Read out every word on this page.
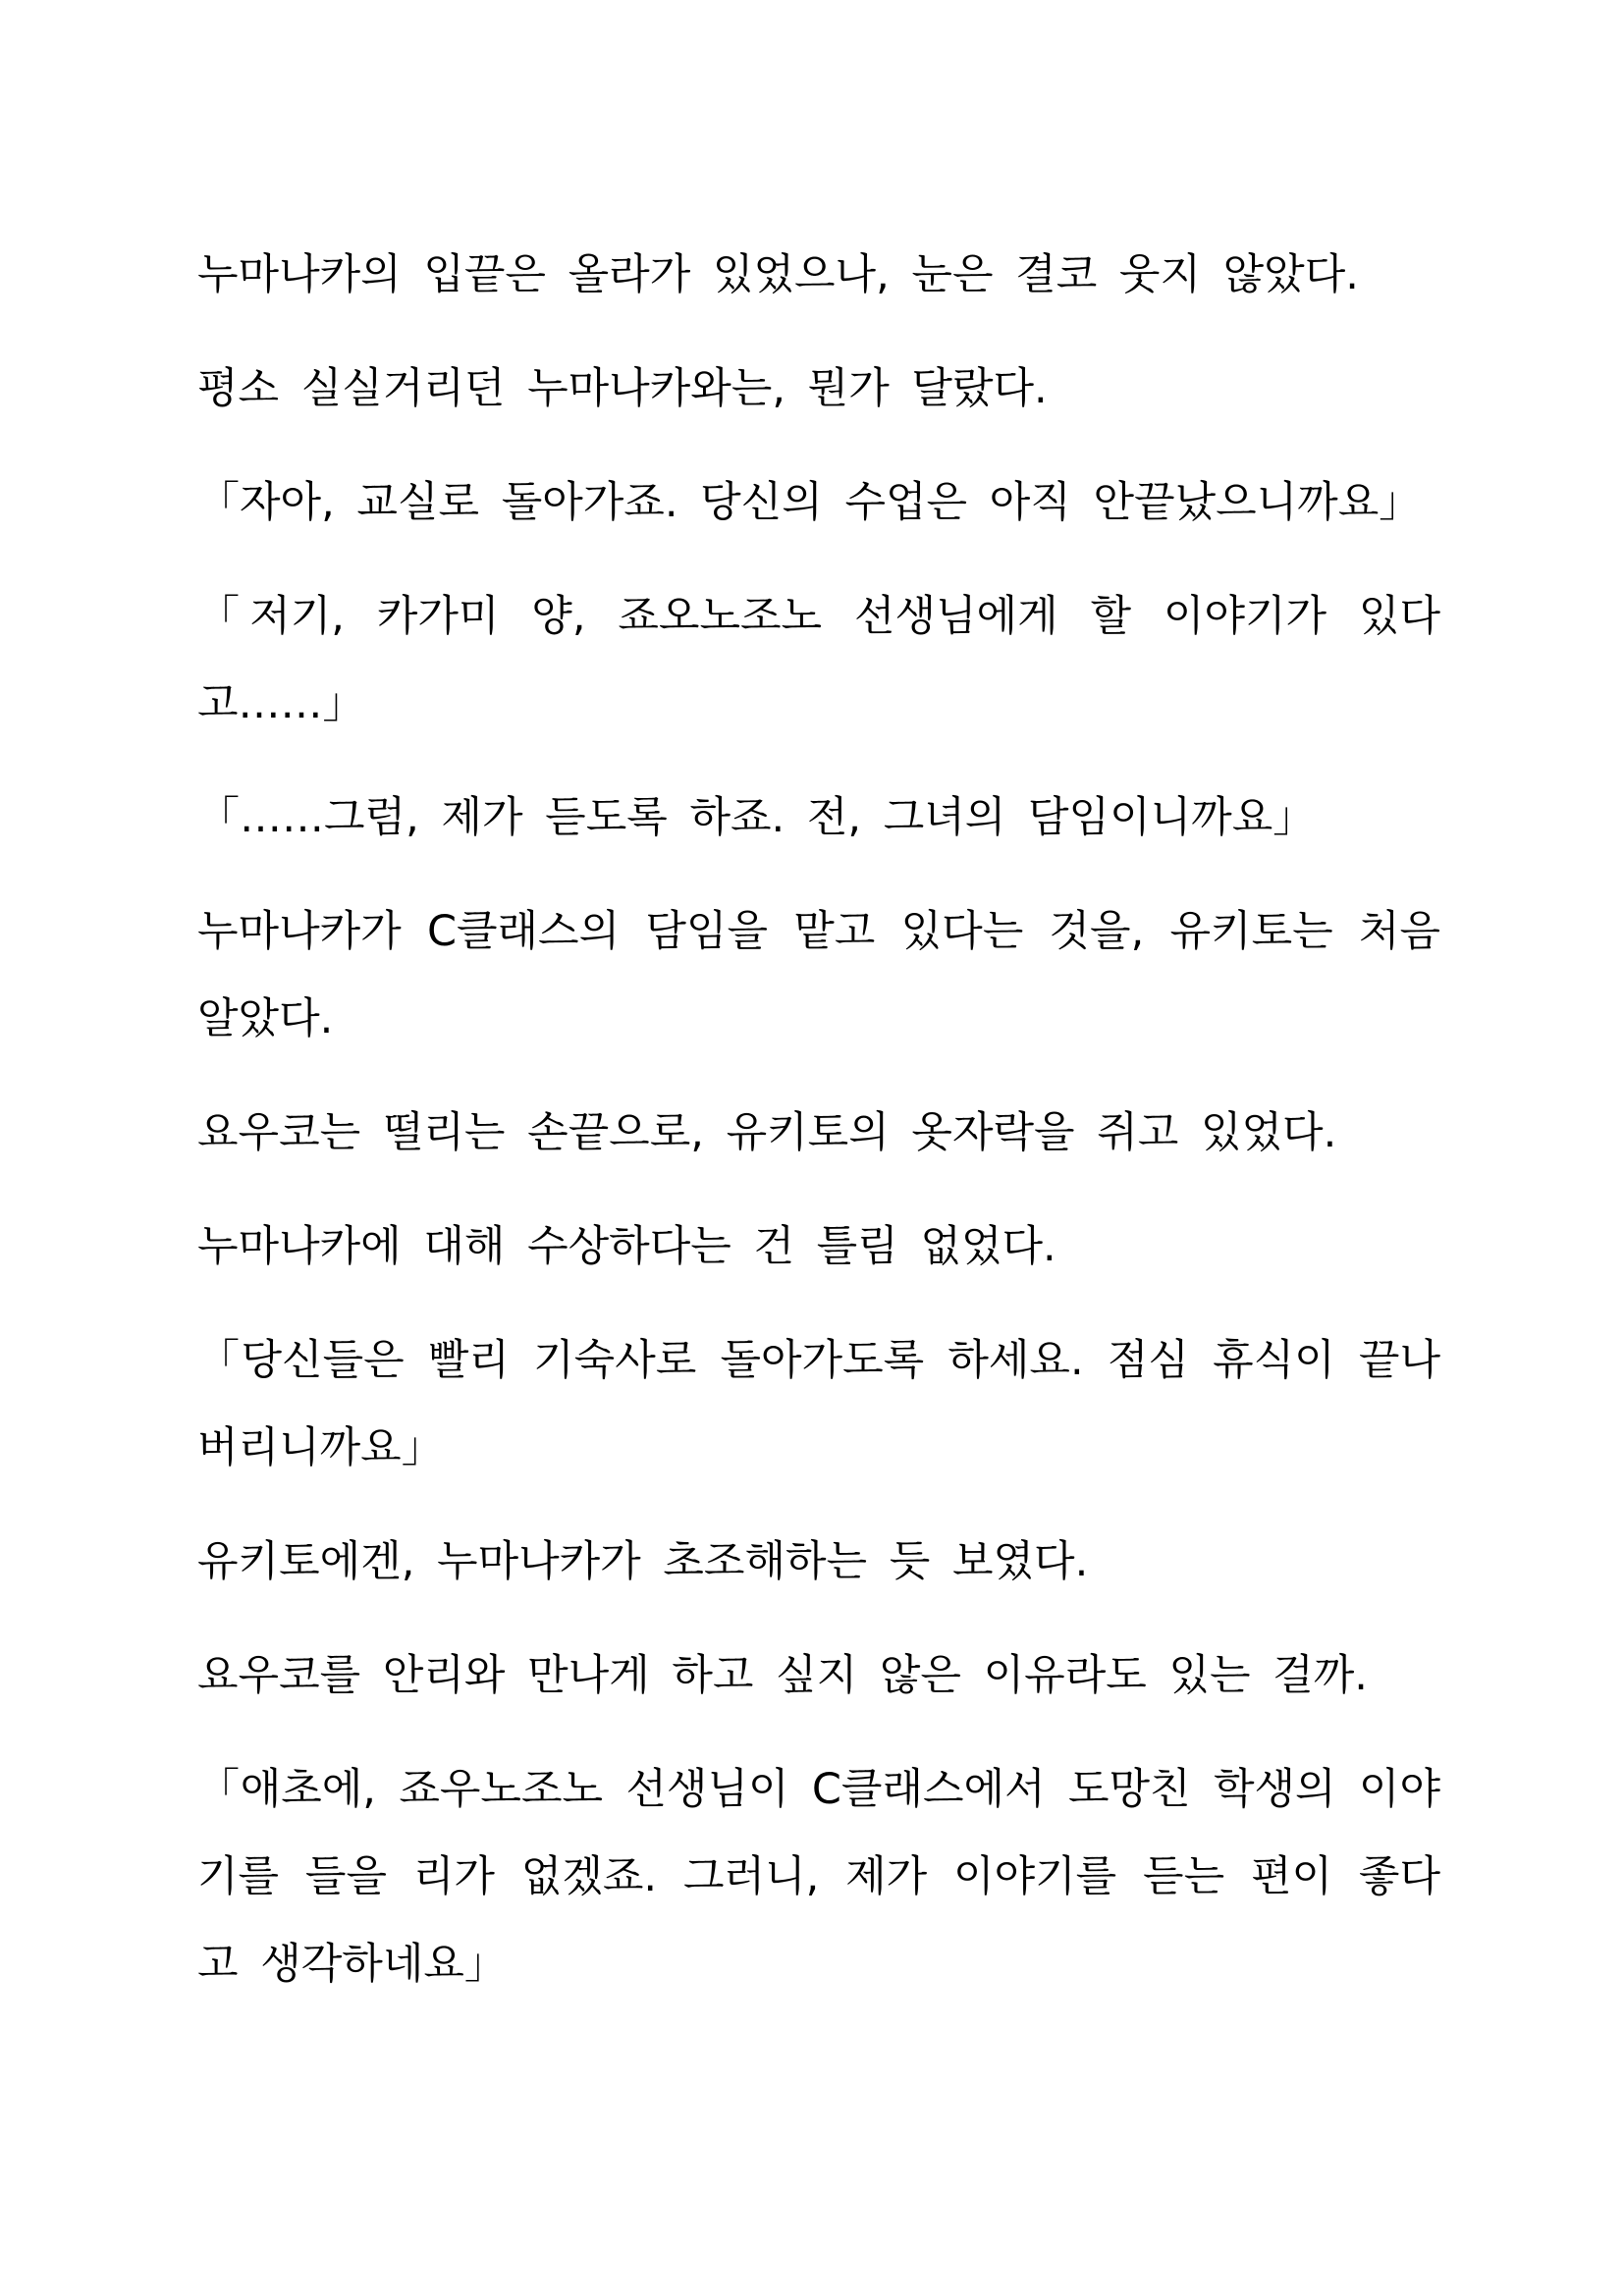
누마나카의 입끝은 올라가 있었으나, 눈은 결코 웃지 않았다.

평소 실실거리던 누마나카와는, 뭔가 달랐다.

「자아, 교실로 돌아가죠. 당신의 수업은 아직 안끝났으니까요」

「저기, 카가미 양, 죠오노조노 선생님에게 할 이야기가 있다고……」

「……그럼, 제가 듣도록 하죠. 전, 그녀의 담임이니까요」

누마나카가 C클래스의 담임을 맡고 있다는 것을, 유키토는 처음 알았다.

요우코는 떨리는 손끝으로, 유키토의 옷자락을 쥐고 있었다.

누마나카에 대해 수상하다는 건 틀림 없었다.

「당신들은 빨리 기숙사로 돌아가도록 하세요. 점심 휴식이 끝나버리니까요」

유키토에겐, 누마나카가 초조해하는 듯 보였다.

요우코를 안리와 만나게 하고 싶지 않은 이유라도 있는 걸까.

「애초에, 죠우노조노 선생님이 C클래스에서 도망친 학생의 이야기를 들을 리가 없겠죠. 그러니, 제가 이야기를 듣는 편이 좋다고 생각하네요」
